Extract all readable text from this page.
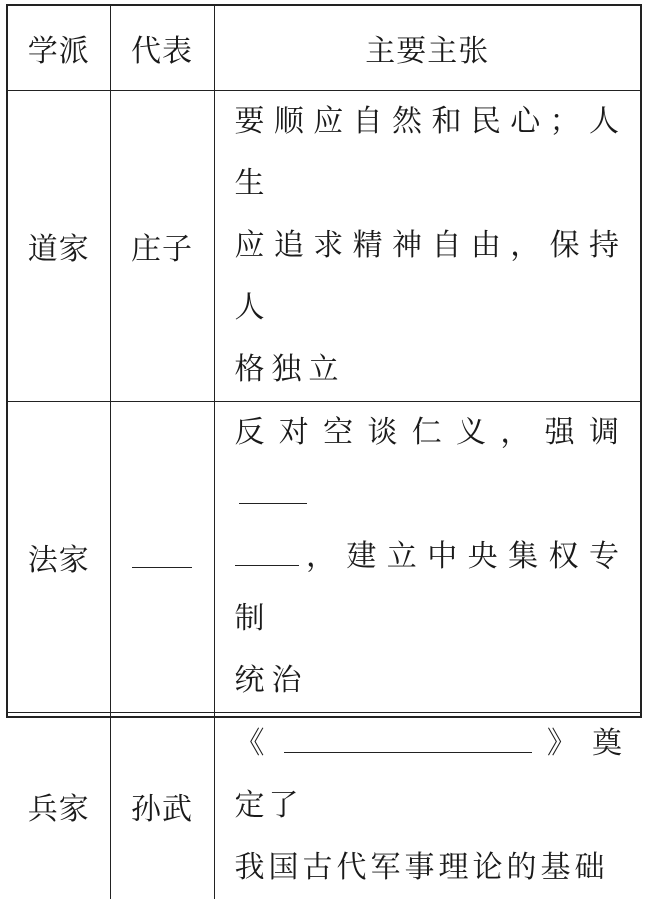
学派	代表	主要主张
道家	庄子	要顺应自然和民心；人生
应追求精神自由，保持人
格独立
法家		反对空谈仁义，强调
，建立中央集权专制
统治
兵家	孙武	《 》奠定了
我国古代军事理论的基础
